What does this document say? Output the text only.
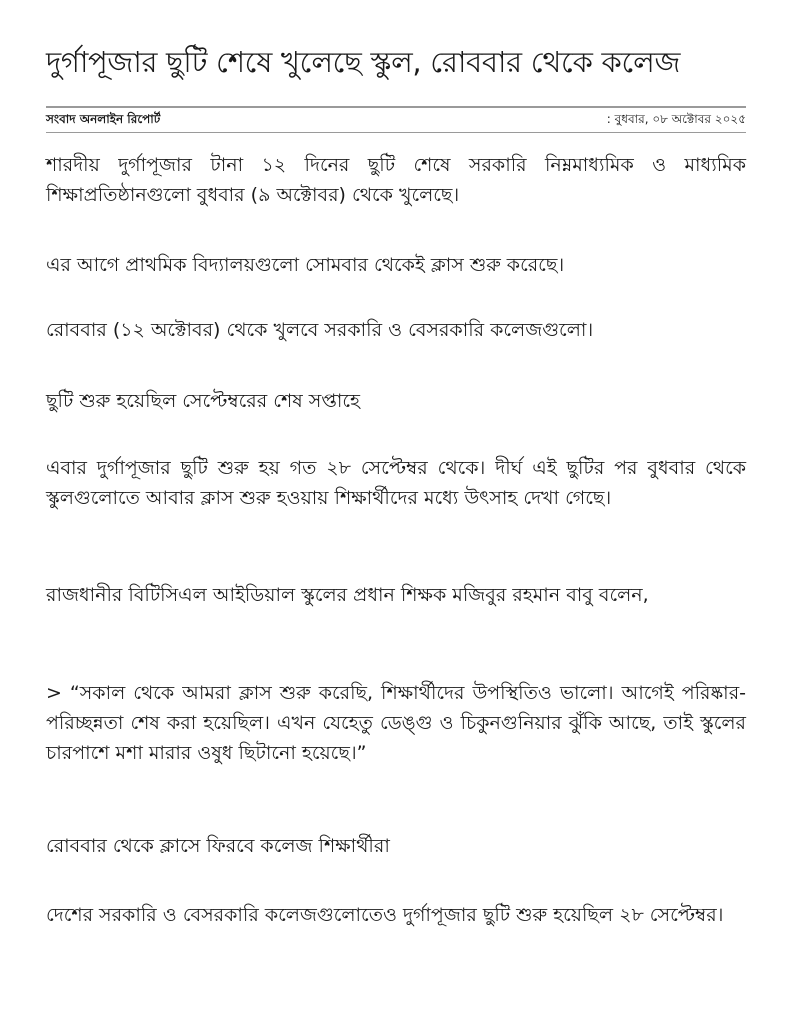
দুর্গাপূজার ছুটি শেষে খুলেছে স্কুল, রোববার থেকে কলেজ
সংবাদ অনলাইন রিপোর্ট	: বুধবার, ০৮ অক্টোবর ২০২৫

শারদীয় দুর্গাপূজার টানা ১২ দিনের ছুটি শেষে সরকারি নিম্নমাধ্যমিক ও মাধ্যমিক শিক্ষাপ্রতিষ্ঠানগুলো বুধবার (৯ অক্টোবর) থেকে খুলেছে।

এর আগে প্রাথমিক বিদ্যালয়গুলো সোমবার থেকেই ক্লাস শুরু করেছে।

রোববার (১২ অক্টোবর) থেকে খুলবে সরকারি ও বেসরকারি কলেজগুলো।

ছুটি শুরু হয়েছিল সেপ্টেম্বরের শেষ সপ্তাহে

এবার দুর্গাপূজার ছুটি শুরু হয় গত ২৮ সেপ্টেম্বর থেকে। দীর্ঘ এই ছুটির পর বুধবার থেকে স্কুলগুলোতে আবার ক্লাস শুরু হওয়ায় শিক্ষার্থীদের মধ্যে উৎসাহ দেখা গেছে।

রাজধানীর বিটিসিএল আইডিয়াল স্কুলের প্রধান শিক্ষক মজিবুর রহমান বাবু বলেন,

> “সকাল থেকে আমরা ক্লাস শুরু করেছি, শিক্ষার্থীদের উপস্থিতিও ভালো। আগেই পরিষ্কার-পরিচ্ছন্নতা শেষ করা হয়েছিল। এখন যেহেতু ডেঙ্গু ও চিকুনগুনিয়ার ঝুঁকি আছে, তাই স্কুলের চারপাশে মশা মারার ওষুধ ছিটানো হয়েছে।”

রোববার থেকে ক্লাসে ফিরবে কলেজ শিক্ষার্থীরা

দেশের সরকারি ও বেসরকারি কলেজগুলোতেও দুর্গাপূজার ছুটি শুরু হয়েছিল ২৮ সেপ্টেম্বর।
